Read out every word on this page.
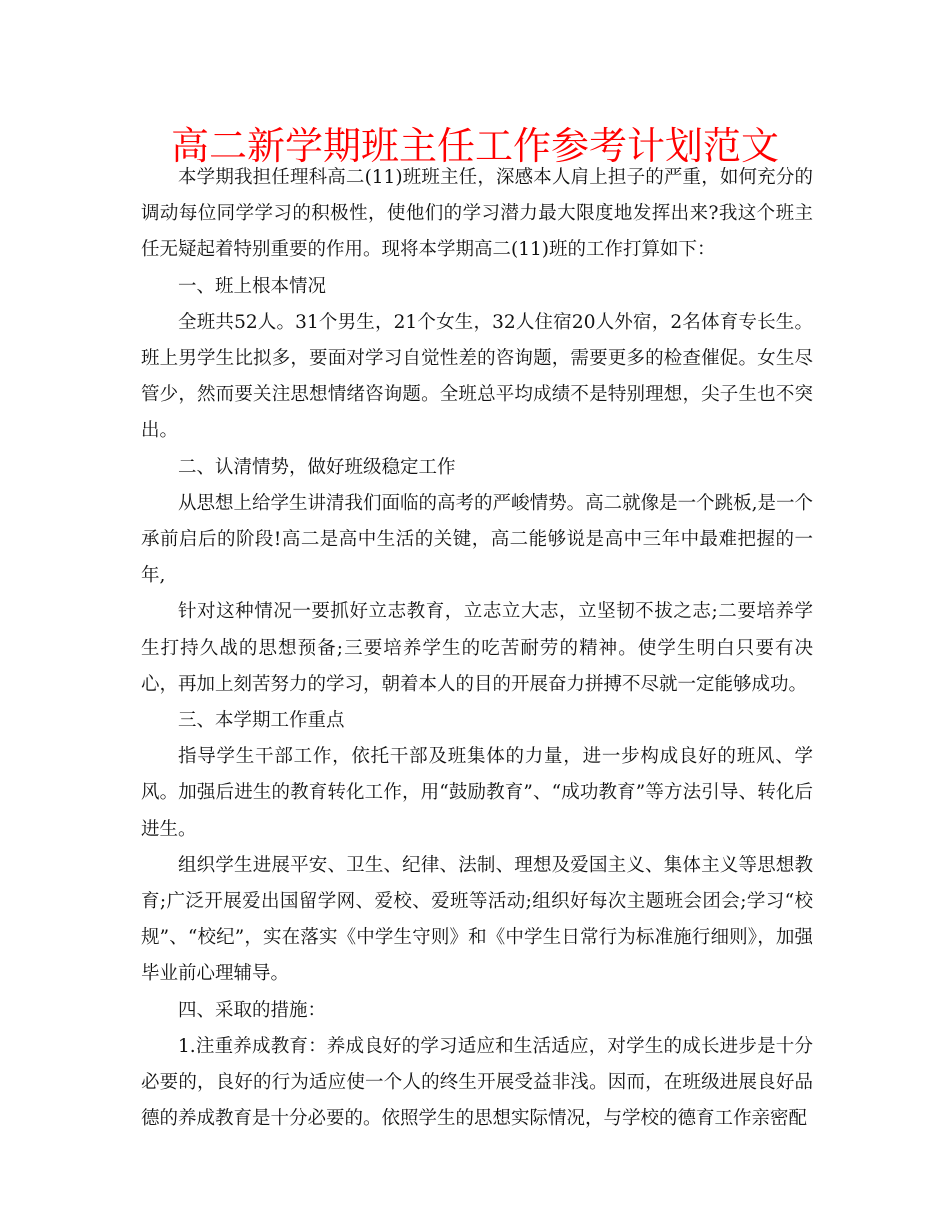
高二新学期班主任工作参考计划范文

本学期我担任理科高二(11)班班主任，深感本人肩上担子的严重，如何充分的调动每位同学学习的积极性，使他们的学习潜力最大限度地发挥出来?我这个班主任无疑起着特别重要的作用。现将本学期高二(11)班的工作打算如下：

一、班上根本情况

全班共52人。31个男生，21个女生，32人住宿20人外宿，2名体育专长生。班上男学生比拟多，要面对学习自觉性差的咨询题，需要更多的检查催促。女生尽管少，然而要关注思想情绪咨询题。全班总平均成绩不是特别理想，尖子生也不突出。

二、认清情势，做好班级稳定工作

从思想上给学生讲清我们面临的高考的严峻情势。高二就像是一个跳板,是一个承前启后的阶段!高二是高中生活的关键，高二能够说是高中三年中最难把握的一年,

针对这种情况一要抓好立志教育，立志立大志，立坚韧不拔之志;二要培养学生打持久战的思想预备;三要培养学生的吃苦耐劳的精神。使学生明白只要有决心，再加上刻苦努力的学习，朝着本人的目的开展奋力拼搏不尽就一定能够成功。

三、本学期工作重点

指导学生干部工作，依托干部及班集体的力量，进一步构成良好的班风、学风。加强后进生的教育转化工作，用“鼓励教育”、“成功教育”等方法引导、转化后进生。

组织学生进展平安、卫生、纪律、法制、理想及爱国主义、集体主义等思想教育;广泛开展爱出国留学网、爱校、爱班等活动;组织好每次主题班会团会;学习“校规”、“校纪”，实在落实《中学生守则》和《中学生日常行为标准施行细则》，加强毕业前心理辅导。

四、采取的措施：

1.注重养成教育：养成良好的学习适应和生活适应，对学生的成长进步是十分必要的，良好的行为适应使一个人的终生开展受益非浅。因而，在班级进展良好品德的养成教育是十分必要的。依照学生的思想实际情况，与学校的德育工作亲密配
